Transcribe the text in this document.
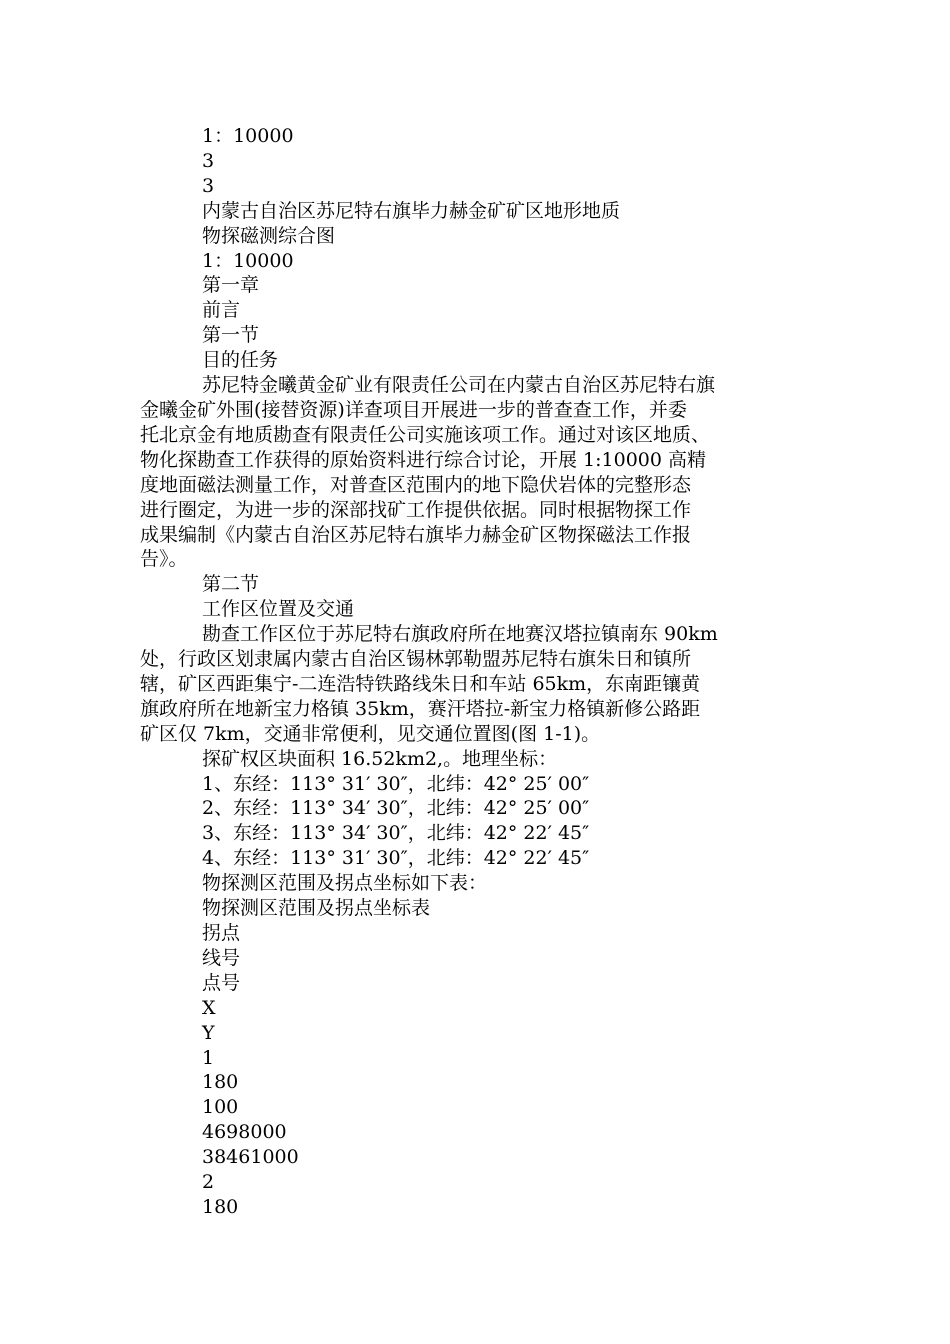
1：10000
3
3
内蒙古自治区苏尼特右旗毕力赫金矿矿区地形地质
物探磁测综合图
1：10000
第一章
前言
第一节
目的任务
苏尼特金曦黄金矿业有限责任公司在内蒙古自治区苏尼特右旗
金曦金矿外围(接替资源)详查项目开展进一步的普查查工作，并委
托北京金有地质勘查有限责任公司实施该项工作。通过对该区地质、
物化探勘查工作获得的原始资料进行综合讨论，开展 1:10000 高精
度地面磁法测量工作，对普查区范围内的地下隐伏岩体的完整形态
进行圈定，为进一步的深部找矿工作提供依据。同时根据物探工作
成果编制《内蒙古自治区苏尼特右旗毕力赫金矿区物探磁法工作报
告》。
第二节
工作区位置及交通
勘查工作区位于苏尼特右旗政府所在地赛汉塔拉镇南东 90km
处，行政区划隶属内蒙古自治区锡林郭勒盟苏尼特右旗朱日和镇所
辖，矿区西距集宁-二连浩特铁路线朱日和车站 65km，东南距镶黄
旗政府所在地新宝力格镇 35km，赛汗塔拉-新宝力格镇新修公路距
矿区仅 7km，交通非常便利，见交通位置图(图 1-1)。
探矿权区块面积 16.52km2,。地理坐标：
1、东经：113° 31′ 30″，北纬：42° 25′ 00″
2、东经：113° 34′ 30″，北纬：42° 25′ 00″
3、东经：113° 34′ 30″，北纬：42° 22′ 45″
4、东经：113° 31′ 30″，北纬：42° 22′ 45″
物探测区范围及拐点坐标如下表：
物探测区范围及拐点坐标表
拐点
线号
点号
X
Y
1
180
100
4698000
38461000
2
180
